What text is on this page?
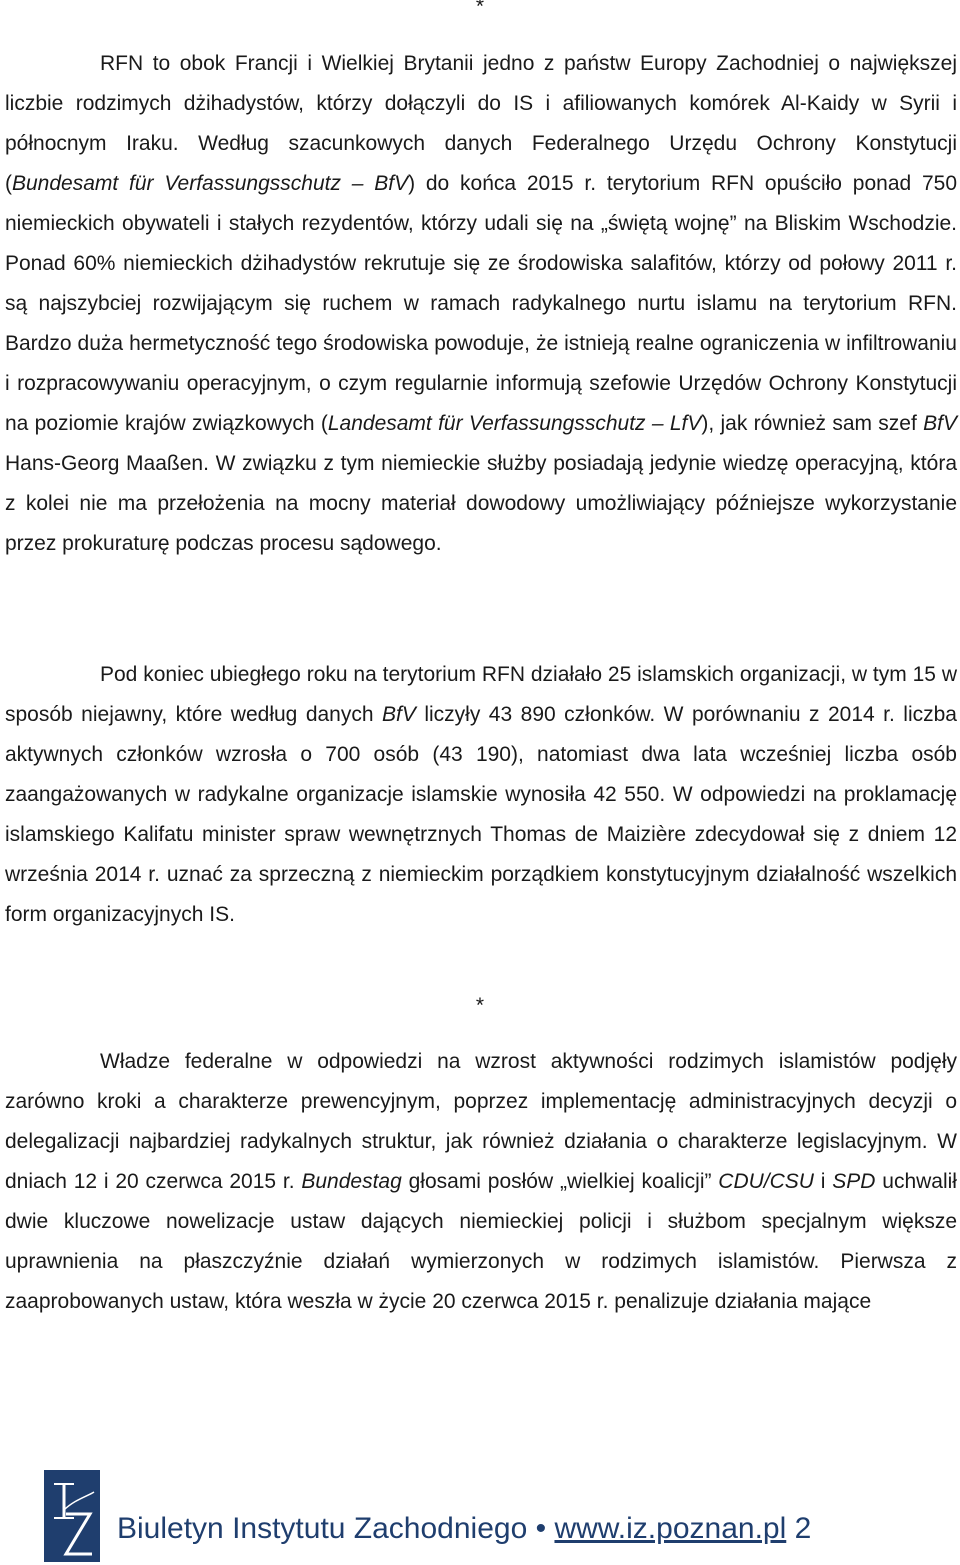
*

RFN to obok Francji i Wielkiej Brytanii jedno z państw Europy Zachodniej o największej liczbie rodzimych dżihadystów, którzy dołączyli do IS i afiliowanych komórek Al-Kaidy w Syrii i północnym Iraku. Według szacunkowych danych Federalnego Urzędu Ochrony Konstytucji (Bundesamt für Verfassungsschutz – BfV) do końca 2015 r. terytorium RFN opuściło ponad 750 niemieckich obywateli i stałych rezydentów, którzy udali się na „świętą wojnę” na Bliskim Wschodzie. Ponad 60% niemieckich dżihadystów rekrutuje się ze środowiska salafitów, którzy od połowy 2011 r. są najszybciej rozwijającym się ruchem w ramach radykalnego nurtu islamu na terytorium RFN. Bardzo duża hermetyczność tego środowiska powoduje, że istnieją realne ograniczenia w infiltrowaniu i rozpracowywaniu operacyjnym, o czym regularnie informują szefowie Urzędów Ochrony Konstytucji na poziomie krajów związkowych (Landesamt für Verfassungsschutz – LfV), jak również sam szef BfV Hans-Georg Maaßen. W związku z tym niemieckie służby posiadają jedynie wiedzę operacyjną, która z kolei nie ma przełożenia na mocny materiał dowodowy umożliwiający późniejsze wykorzystanie przez prokuraturę podczas procesu sądowego.

Pod koniec ubiegłego roku na terytorium RFN działało 25 islamskich organizacji, w tym 15 w sposób niejawny, które według danych BfV liczyły 43 890 członków. W porównaniu z 2014 r. liczba aktywnych członków wzrosła o 700 osób (43 190), natomiast dwa lata wcześniej liczba osób zaangażowanych w radykalne organizacje islamskie wynosiła 42 550. W odpowiedzi na proklamację islamskiego Kalifatu minister spraw wewnętrznych Thomas de Maizière zdecydował się z dniem 12 września 2014 r. uznać za sprzeczną z niemieckim porządkiem konstytucyjnym działalność wszelkich form organizacyjnych IS.

*

Władze federalne w odpowiedzi na wzrost aktywności rodzimych islamistów podjęły zarówno kroki a charakterze prewencyjnym, poprzez implementację administracyjnych decyzji o delegalizacji najbardziej radykalnych struktur, jak również działania o charakterze legislacyjnym. W dniach 12 i 20 czerwca 2015 r. Bundestag głosami posłów „wielkiej koalicji” CDU/CSU i SPD uchwalił dwie kluczowe nowelizacje ustaw dających niemieckiej policji i służbom specjalnym większe uprawnienia na płaszczyźnie działań wymierzonych w rodzimych islamistów. Pierwsza z zaaprobowanych ustaw, która weszła w życie 20 czerwca 2015 r. penalizuje działania mające

Biuletyn Instytutu Zachodniego • www.iz.poznan.pl 2
